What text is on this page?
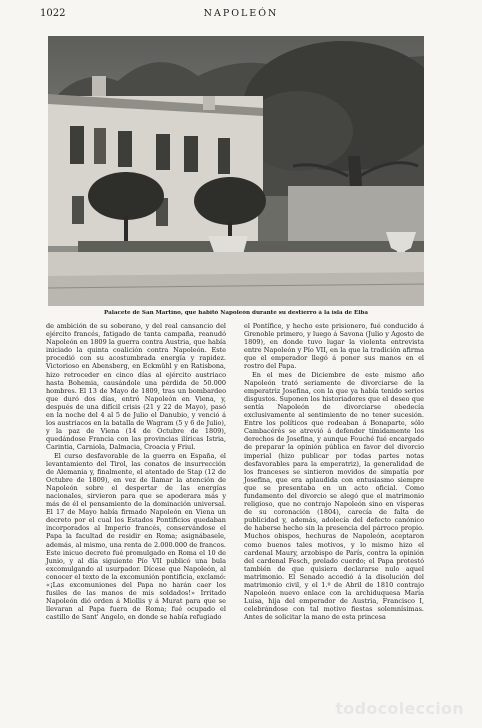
1022	NAPOLEÓN
Palacete de San Martino, que habitó Napoleón durante su destierro á la isla de Elba

de ambición de su soberano, y del real cansancio del ejército francés, fatigado de tanta campaña, reanudó Napoleón en 1809 la guerra contra Austria, que había iniciado la quinta coalición contra Napoleón. Este procedió con su acostumbrada energía y rapidez. Victorioso en Abensberg, en Eckmühl y en Ratisbona, hizo retroceder en cinco días al ejército austriaco hasta Bohemia, causándole una pérdida de 50.000 hombres. El 13 de Mayo de 1809, tras un bombardeo que duró dos días, entró Napoleón en Viena, y, después de una difícil crisis (21 y 22 de Mayo), pasó en la noche del 4 al 5 de Julio el Danubio, y venció á los austriacos en la batalla de Wagram (5 y 6 de Julio), y la paz de Viena (14 de Octubre de 1809), quedándose Francia con las provincias ilíricas Istria, Carintia, Carniola, Dalmacia, Croacia y Friul.

El curso desfavorable de la guerra en España, el levantamiento del Tirol, las conatos de insurrección de Alemania y, finalmente, el atentado de Stap (12 de Octubre de 1809), en vez de llamar la atención de Napoleón sobre el despertar de las energías nacionales, sirvieron para que se apoderara más y más de él el pensamiento de la dominación universal. El 17 de Mayo había firmado Napoleón en Viena un decreto por el cual los Estados Pontificios quedaban incorporados al Imperio francés, conservándose el Papa la facultad de residir en Roma; asignábasele, además, al mismo, una renta de 2.000.000 de francos. Este inicuo decreto fué promulgado en Roma el 10 de Junio, y al día siguiente Pío VII publicó una bula excomulgando al usurpador. Dícese que Napoleón, al conocer el texto de la excomunión pontificia, exclamó: «¡Las excomuniones del Papa no harán caer los fusiles de las manos de mis soldados!» Irritado Napoleón dió orden á Miollis y á Murat para que se llevaran al Papa fuera de Roma; fué ocupado el castillo de Sant' Angelo, en donde se había refugiado

el Pontífice, y hecho este prisionero, fué conducido á Grenoble primero, y luego á Savona (Julio y Agosto de 1809), en donde tuvo lugar la violenta entrevista entre Napoleón y Pío VII, en la que la tradición afirma que el emperador llegó á poner sus manos en el rostro del Papa.

En el mes de Diciembre de este mismo año Napoleón trató seriamente de divorciarse de la emperatriz Josefina, con la que ya había tenido serios disgustos. Suponen los historiadores que el deseo que sentía Napoleón de divorciarse obedecía exclusivamente al sentimiento de no tener sucesión. Entre los políticos que rodeaban á Bonaparte, sólo Cambacérès se atrevió á defender tímidamente los derechos de Josefina, y aunque Fouché fué encargado de preparar la opinión pública en favor del divorcio imperial (hizo publicar por todas partes notas desfavorables para la emperatriz), la generalidad de los franceses se sintieron movidos de simpatía por Josefina, que era aplaudida con entusiasmo siempre que se presentaba en un acto oficial. Como fundamento del divorcio se alegó que el matrimonio religioso, que no contrajo Napoleón sino en vísperas de su coronación (1804), carecía de falta de publicidad y, además, adolecía del defecto canónico de haberse hecho sin la presencia del párroco propio. Muchos obispos, hechuras de Napoleón, aceptaron como buenos tales motivos, y lo mismo hizo el cardenal Maury, arzobispo de París, contra la opinión del cardenal Fesch, prelado cuerdo; el Papa protestó también de que quisiera declararse nulo aquel matrimonio. El Senado accedió á la disolución del matrimonio civil, y el 1.º de Abril de 1810 contrajo Napoleón nuevo enlace con la archiduquesa María Luisa, hija del emperador de Austria, Francisco I, celebrándose con tal motivo fiestas solemnísimas. Antes de solicitar la mano de esta princesa

todocoleccion
